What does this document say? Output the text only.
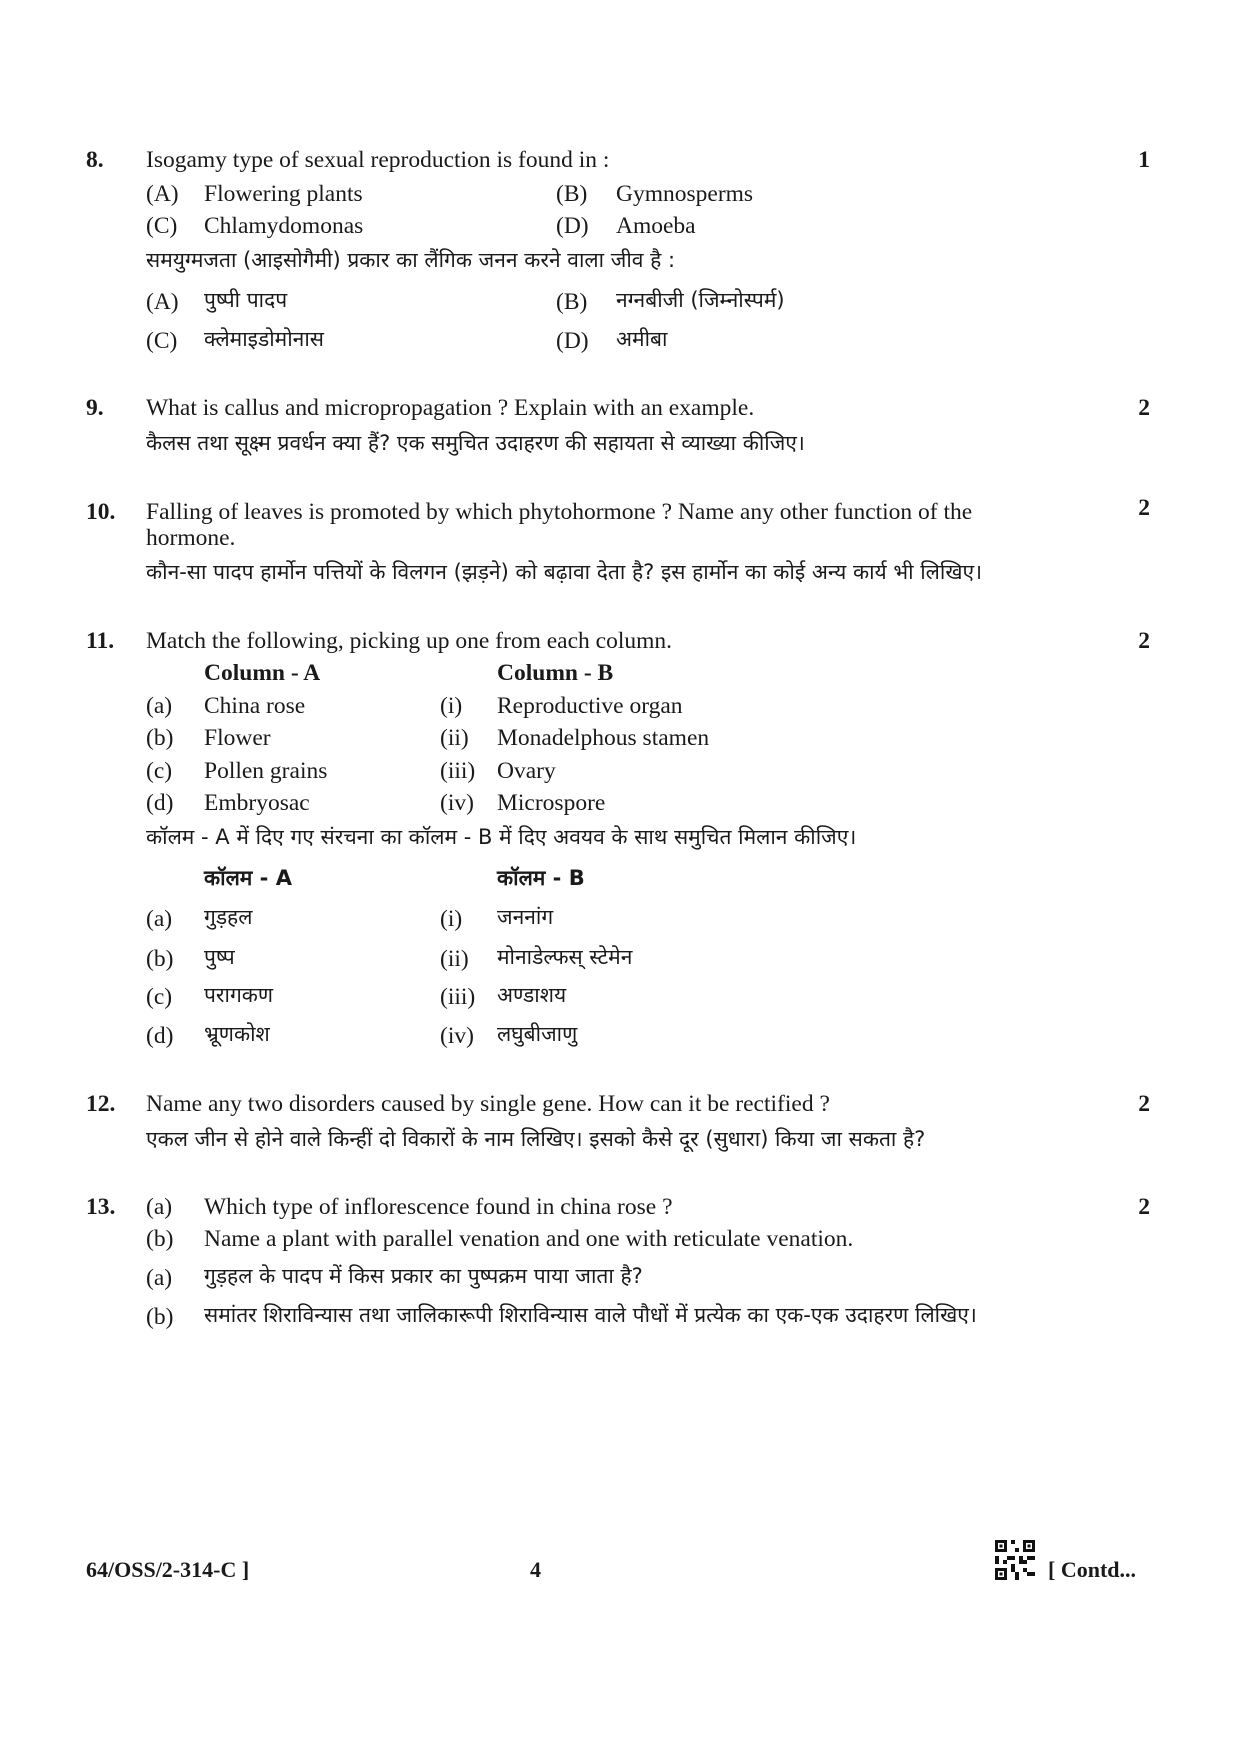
8. Isogamy type of sexual reproduction is found in :	1
(A) Flowering plants	(B) Gymnosperms
(C) Chlamydomonas	(D) Amoeba
समयुग्मजता (आइसोगैमी) प्रकार का लैंगिक जनन करने वाला जीव है :
(A) पुष्पी पादप	(B) नग्नबीजी (जिम्नोस्पर्म)
(C) क्लेमाइडोमोनास	(D) अमीबा
9. What is callus and micropropagation ? Explain with an example.	2
कैलस तथा सूक्ष्म प्रवर्धन क्या हैं? एक समुचित उदाहरण की सहायता से व्याख्या कीजिए।
10. Falling of leaves is promoted by which phytohormone ? Name any other function of the	2
hormone.
कौन-सा पादप हार्मोन पत्तियों के विलगन (झड़ने) को बढ़ावा देता है? इस हार्मोन का कोई अन्य कार्य भी लिखिए।
11. Match the following, picking up one from each column.	2
Column - A	Column - B
(a) China rose	(i) Reproductive organ
(b) Flower	(ii) Monadelphous stamen
(c) Pollen grains	(iii) Ovary
(d) Embryosac	(iv) Microspore
कॉलम - A में दिए गए संरचना का कॉलम - B में दिए अवयव के साथ समुचित मिलान कीजिए।
कॉलम - A	कॉलम - B
(a) गुड़हल	(i) जननांग
(b) पुष्प	(ii) मोनाडेल्फस् स्टेमेन
(c) परागकण	(iii) अण्डाशय
(d) भ्रूणकोश	(iv) लघुबीजाणु
12. Name any two disorders caused by single gene. How can it be rectified ?	2
एकल जीन से होने वाले किन्हीं दो विकारों के नाम लिखिए। इसको कैसे दूर (सुधारा) किया जा सकता है?
13. (a) Which type of inflorescence found in china rose ?	2
(b) Name a plant with parallel venation and one with reticulate venation.
(a) गुड़हल के पादप में किस प्रकार का पुष्पक्रम पाया जाता है?
(b) समांतर शिराविन्यास तथा जालिकारूपी शिराविन्यास वाले पौधों में प्रत्येक का एक-एक उदाहरण लिखिए।
64/OSS/2-314-C ]	4	[ Contd...
